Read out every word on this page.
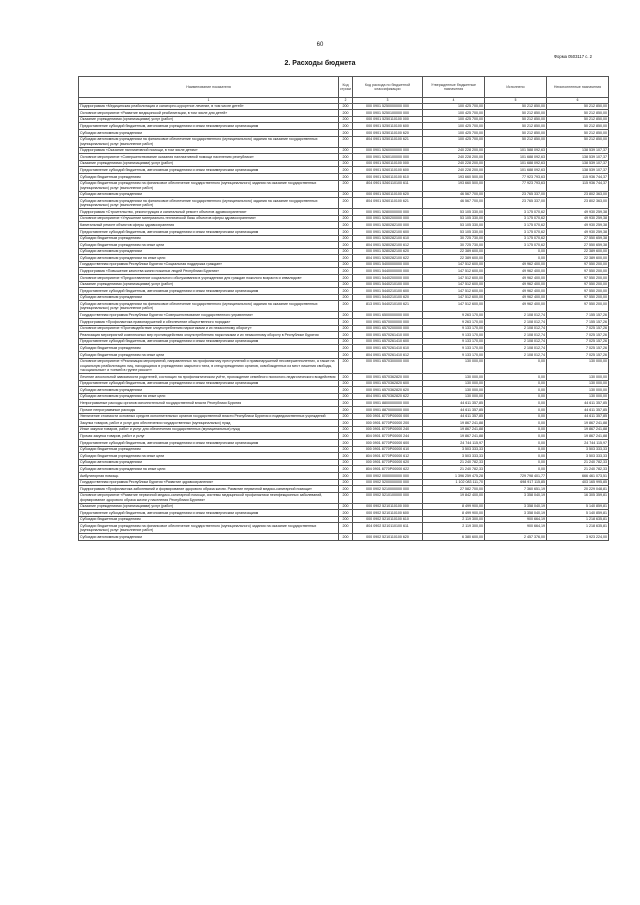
60
Форма 0503117 с. 2
2. Расходы бюджета
Наименование показателя	Код строки	Код расхода по бюджетной классификации	Утвержденные бюджетные назначения	Исполнено	Неисполненные назначения
1	2	3	4	5	6
Подпрограмма «Медицинская реабилитация и санаторно-курортное лечение, в том числе детей»	200	000 0901 5250000000 000	100 425 700,00	50 212 850,00	50 212 850,00
Основное мероприятие «Развитие медицинской реабилитации, в том числе для детей»	200	000 0901 5250100000 000	100 425 700,00	50 212 850,00	50 212 850,00
Оказание учреждениями (организациями) услуг (работ)	200	000 0901 5250110100 000	100 425 700,00	50 212 850,00	50 212 850,00
Предоставление субсидий бюджетным, автономным учреждениям и иным некоммерческим организациям	200	000 0901 5250110100 600	100 425 700,00	50 212 850,00	50 212 850,00
Субсидии автономным учреждениям	200	000 0901 5250110100 620	100 425 700,00	50 212 850,00	50 212 850,00
Субсидии автономным учреждениям на финансовое обеспечение государственного (муниципального) задания на оказание государственных (муниципальных) услуг (выполнение работ)	200	804 0901 5250110100 621	100 425 700,00	50 212 850,00	50 212 850,00
Подпрограмма «Оказание паллиативной помощи, в том числе детям»	200	000 0901 5260000000 000	240 228 200,00	101 588 092,63	138 539 107,37
Основное мероприятие «Совершенствование оказания паллиативной помощи населению республики»	200	000 0901 5260100000 000	240 228 200,00	101 688 092,63	138 539 107,37
Оказание учреждениями (организациями) услуг (работ)	200	000 0901 5260110100 000	240 228 200,00	101 688 092,63	138 539 107,37
Предоставление субсидий бюджетным, автономным учреждениям и иным некоммерческим организациям	200	000 0901 5260110100 600	240 228 200,00	101 688 092,63	138 539 107,37
Субсидии бюджетным учреждениям	200	000 0901 5260110100 610	193 660 500,00	77 923 793,63	115 936 744,37
Субсидии бюджетным учреждениям на финансовое обеспечение государственного (муниципального) задания на оказание государственных (муниципальных) услуг (выполнение работ)	200	804 0901 5260110100 611	193 660 500,00	77 923 793,63	115 936 744,37
Субсидии автономным учреждениям	200	000 0901 5260110100 620	46 567 700,00	23 765 337,00	23 802 363,00
Субсидии автономным учреждениям на финансовое обеспечение государственного (муниципального) задания на оказание государственных (муниципальных) услуг (выполнение работ)	200	804 0901 5260110100 621	46 567 700,00	23 765 337,00	23 802 363,00
Подпрограмма «Строительство, реконструкция и капитальный ремонт объектов здравоохранения»	200	000 0901 5280000000 000	53 105 330,00	3 175 070,62	49 930 259,38
Основное мероприятие «Улучшение материально-технической базы объектов сферы здравоохранения»	200	000 0901 5280200000 000	53 105 330,00	3 175 070,62	49 930 259,38
Капитальный ремонт объектов сферы здравоохранения	200	000 0901 5280282100 000	53 105 330,00	3 175 070,62	49 930 259,38
Предоставление субсидий бюджетным, автономным учреждениям и иным некоммерческим организациям	200	000 0901 5280282100 600	53 105 330,00	3 175 070,62	49 930 259,38
Субсидии бюджетным учреждениям	200	000 0901 5280282100 610	30 725 730,00	3 175 070,62	27 550 659,38
Субсидии бюджетным учреждениям на иные цели	200	804 0901 5280282100 612	30 725 730,00	3 175 070,62	27 550 659,38
Субсидии автономным учреждениям	200	000 0901 5280282100 620	22 389 600,00	0,00	22 389 600,00
Субсидии автономным учреждениям на иные цели	200	804 0901 5280282100 622	22 389 600,00	0,00	22 389 600,00
Государственная программа Республики Бурятия «Социальная поддержка граждан»	200	000 0901 5400000000 000	147 512 600,00	49 962 400,00	97 550 200,00
Подпрограмма «Повышение качества жизни пожилых людей Республики Бурятия»	200	000 0901 5440000000 000	147 512 600,00	49 962 400,00	97 550 200,00
Основное мероприятие «Предоставление социального обслуживания в учреждениях для граждан пожилого возраста и инвалидов»	200	000 0901 5440200000 000	147 512 600,00	49 962 400,00	97 550 200,00
Оказание учреждениями (организациями) услуг (работ)	200	000 0901 5440210100 000	147 512 600,00	49 962 400,00	97 550 200,00
Предоставление субсидий бюджетным, автономным учреждениям и иным некоммерческим организациям	200	000 0901 5440210100 600	147 512 600,00	49 962 400,00	97 550 200,00
Субсидии автономным учреждениям	200	000 0901 5440210100 620	147 512 600,00	49 962 400,00	97 550 200,00
Субсидии автономным учреждениям на финансовое обеспечение государственного (муниципального) задания на оказание государственных (муниципальных) услуг (выполнение работ)	200	813 0901 5440210100 621	147 512 600,00	49 962 400,00	97 550 200,00
Государственная программа Республики Бурятия «Совершенствование государственного управления»	200	000 0901 6500000000 000	9 263 170,00	2 108 012,74	7 155 157,26
Подпрограмма «Профилактика правонарушений и обеспечение общественного порядка»	200	000 0901 6570000000 000	9 263 170,00	2 108 012,74	7 155 157,26
Основное мероприятие «Противодействие злоупотреблению наркотиками и их незаконному обороту»	200	000 0901 6570200000 000	9 133 170,00	2 108 012,74	7 025 157,26
Реализация мероприятий комплексных мер противодействия злоупотреблению наркотиками и их незаконному обороту в Республике Бурятия	200	000 0901 6570261410 000	9 133 170,00	2 108 012,74	7 025 157,26
Предоставление субсидий бюджетным, автономным учреждениям и иным некоммерческим организациям	200	000 0901 6570261410 600	9 133 170,00	2 108 012,74	7 025 157,26
Субсидии бюджетным учреждениям	200	000 0901 6570261410 610	9 133 170,00	2 108 012,74	7 025 157,26
Субсидии бюджетным учреждениям на иные цели	200	804 0901 6570261410 612	9 133 170,00	2 108 012,74	7 025 157,26
Основное мероприятие «Реализация мероприятий, направленных на профилактику преступлений и правонарушений несовершеннолетних, а также на социальную реабилитацию лиц, находящихся в учреждениях закрытого типа, в спецучреждениях органов, освобожденных из мест лишения свободы, «асоциальных» и «семей в группе риска»»	200	000 0901 6570300000 000	130 000,00	0,00	130 000,00
Лечение алкогольной зависимости родителей, состоящих на профилактическом учёте, прохождение семейного психолого-педагогического воздействия	200	000 0901 6570362820 000	130 000,00	0,00	130 000,00
Предоставление субсидий бюджетным, автономным учреждениям и иным некоммерческим организациям	200	000 0901 6570362820 600	130 000,00	0,00	130 000,00
Субсидии автономным учреждениям	200	000 0901 6570362820 620	130 000,00	0,00	130 000,00
Субсидии автономным учреждениям на иные цели	200	804 0901 6570362820 622	130 000,00	0,00	130 000,00
Непрограммные расходы органов исполнительной государственной власти Республики Бурятия	200	000 0901 8800000000 000	44 611 357,85	0,00	44 611 357,85
Прочие непрограммные расходы	200	000 0901 8870000000 000	44 611 357,85	0,00	44 611 357,85
Увеличение стоимости основных средств исполнительных органов государственной власти Республики Бурятия и подведомственных учреждений	200	000 0901 8770P00000 000	44 611 357,85	0,00	44 611 357,85
Закупка товаров, работ и услуг для обеспечения государственных (муниципальных) нужд	200	000 0901 8770P00000 200	19 867 241,88	0,00	19 867 241,88
Иные закупки товаров, работ и услуг для обеспечения государственных (муниципальных) нужд	200	000 0901 8770P00000 240	19 867 241,88	0,00	19 867 241,88
Прочая закупка товаров, работ и услуг	200	804 0901 8770P00000 244	19 867 241,88	0,00	19 867 241,88
Предоставление субсидий бюджетным, автономным учреждениям и иным некоммерческим организациям	200	000 0901 8770P00000 600	24 744 115,97	0,00	24 744 115,97
Субсидии бюджетным учреждениям	200	000 0901 8770P00000 610	3 503 333,33	0,00	3 503 333,33
Субсидии бюджетным учреждениям на иные цели	200	804 0901 8770P00000 612	3 503 333,33	0,00	3 503 333,33
Субсидии автономным учреждениям	200	000 0901 8770P00000 620	21 240 782,33	0,00	21 240 782,33
Субсидии автономным учреждениям на иные цели	200	804 0901 8770P00000 622	21 240 782,33	0,00	21 240 782,33
Амбулаторная помощь	200	000 0902 0000000000 000	1 396 259 475,28	729 798 401,77	666 461 073,51
Государственная программа Республики Бурятия «Развитие здравоохранения»	200	000 0902 5200000000 000	1 102 083 111,70	698 917 115,85	403 165 995,85
Подпрограмма «Профилактика заболеваний и формирование здорового образа жизни. Развитие первичной медико-санитарной помощи»	200	000 0902 5210000000 000	27 582 700,00	7 360 651,19	20 229 048,81
Основное мероприятие «Развитие первичной медико-санитарной помощи, системы медицинской профилактики неинфекционных заболеваний, формирование здорового образа жизни у населения Республики Бурятия»	200	000 0902 5210100000 000	19 842 400,00	3 358 040,19	16 305 359,81
Оказание учреждениями (организациями) услуг (работ)	200	000 0902 5210110100 000	8 499 900,00	3 358 040,19	5 140 859,81
Предоставление субсидий бюджетным, автономным учреждениям и иным некоммерческим организациям	200	000 0902 5210110100 600	8 499 900,00	3 358 040,19	5 140 859,81
Субсидии бюджетным учреждениям	200	000 0902 5210110100 610	2 119 300,00	900 664,19	1 218 635,81
Субсидии бюджетным учреждениям на финансовое обеспечение государственного (муниципального) задания на оказание государственных (муниципальных) услуг (выполнение работ)	200	804 0902 5210110100 611	2 119 300,00	900 664,19	1 218 635,81
Субсидии автономным учреждениям	200	000 0902 5210110100 620	6 380 600,00	2 457 376,00	3 923 224,00
